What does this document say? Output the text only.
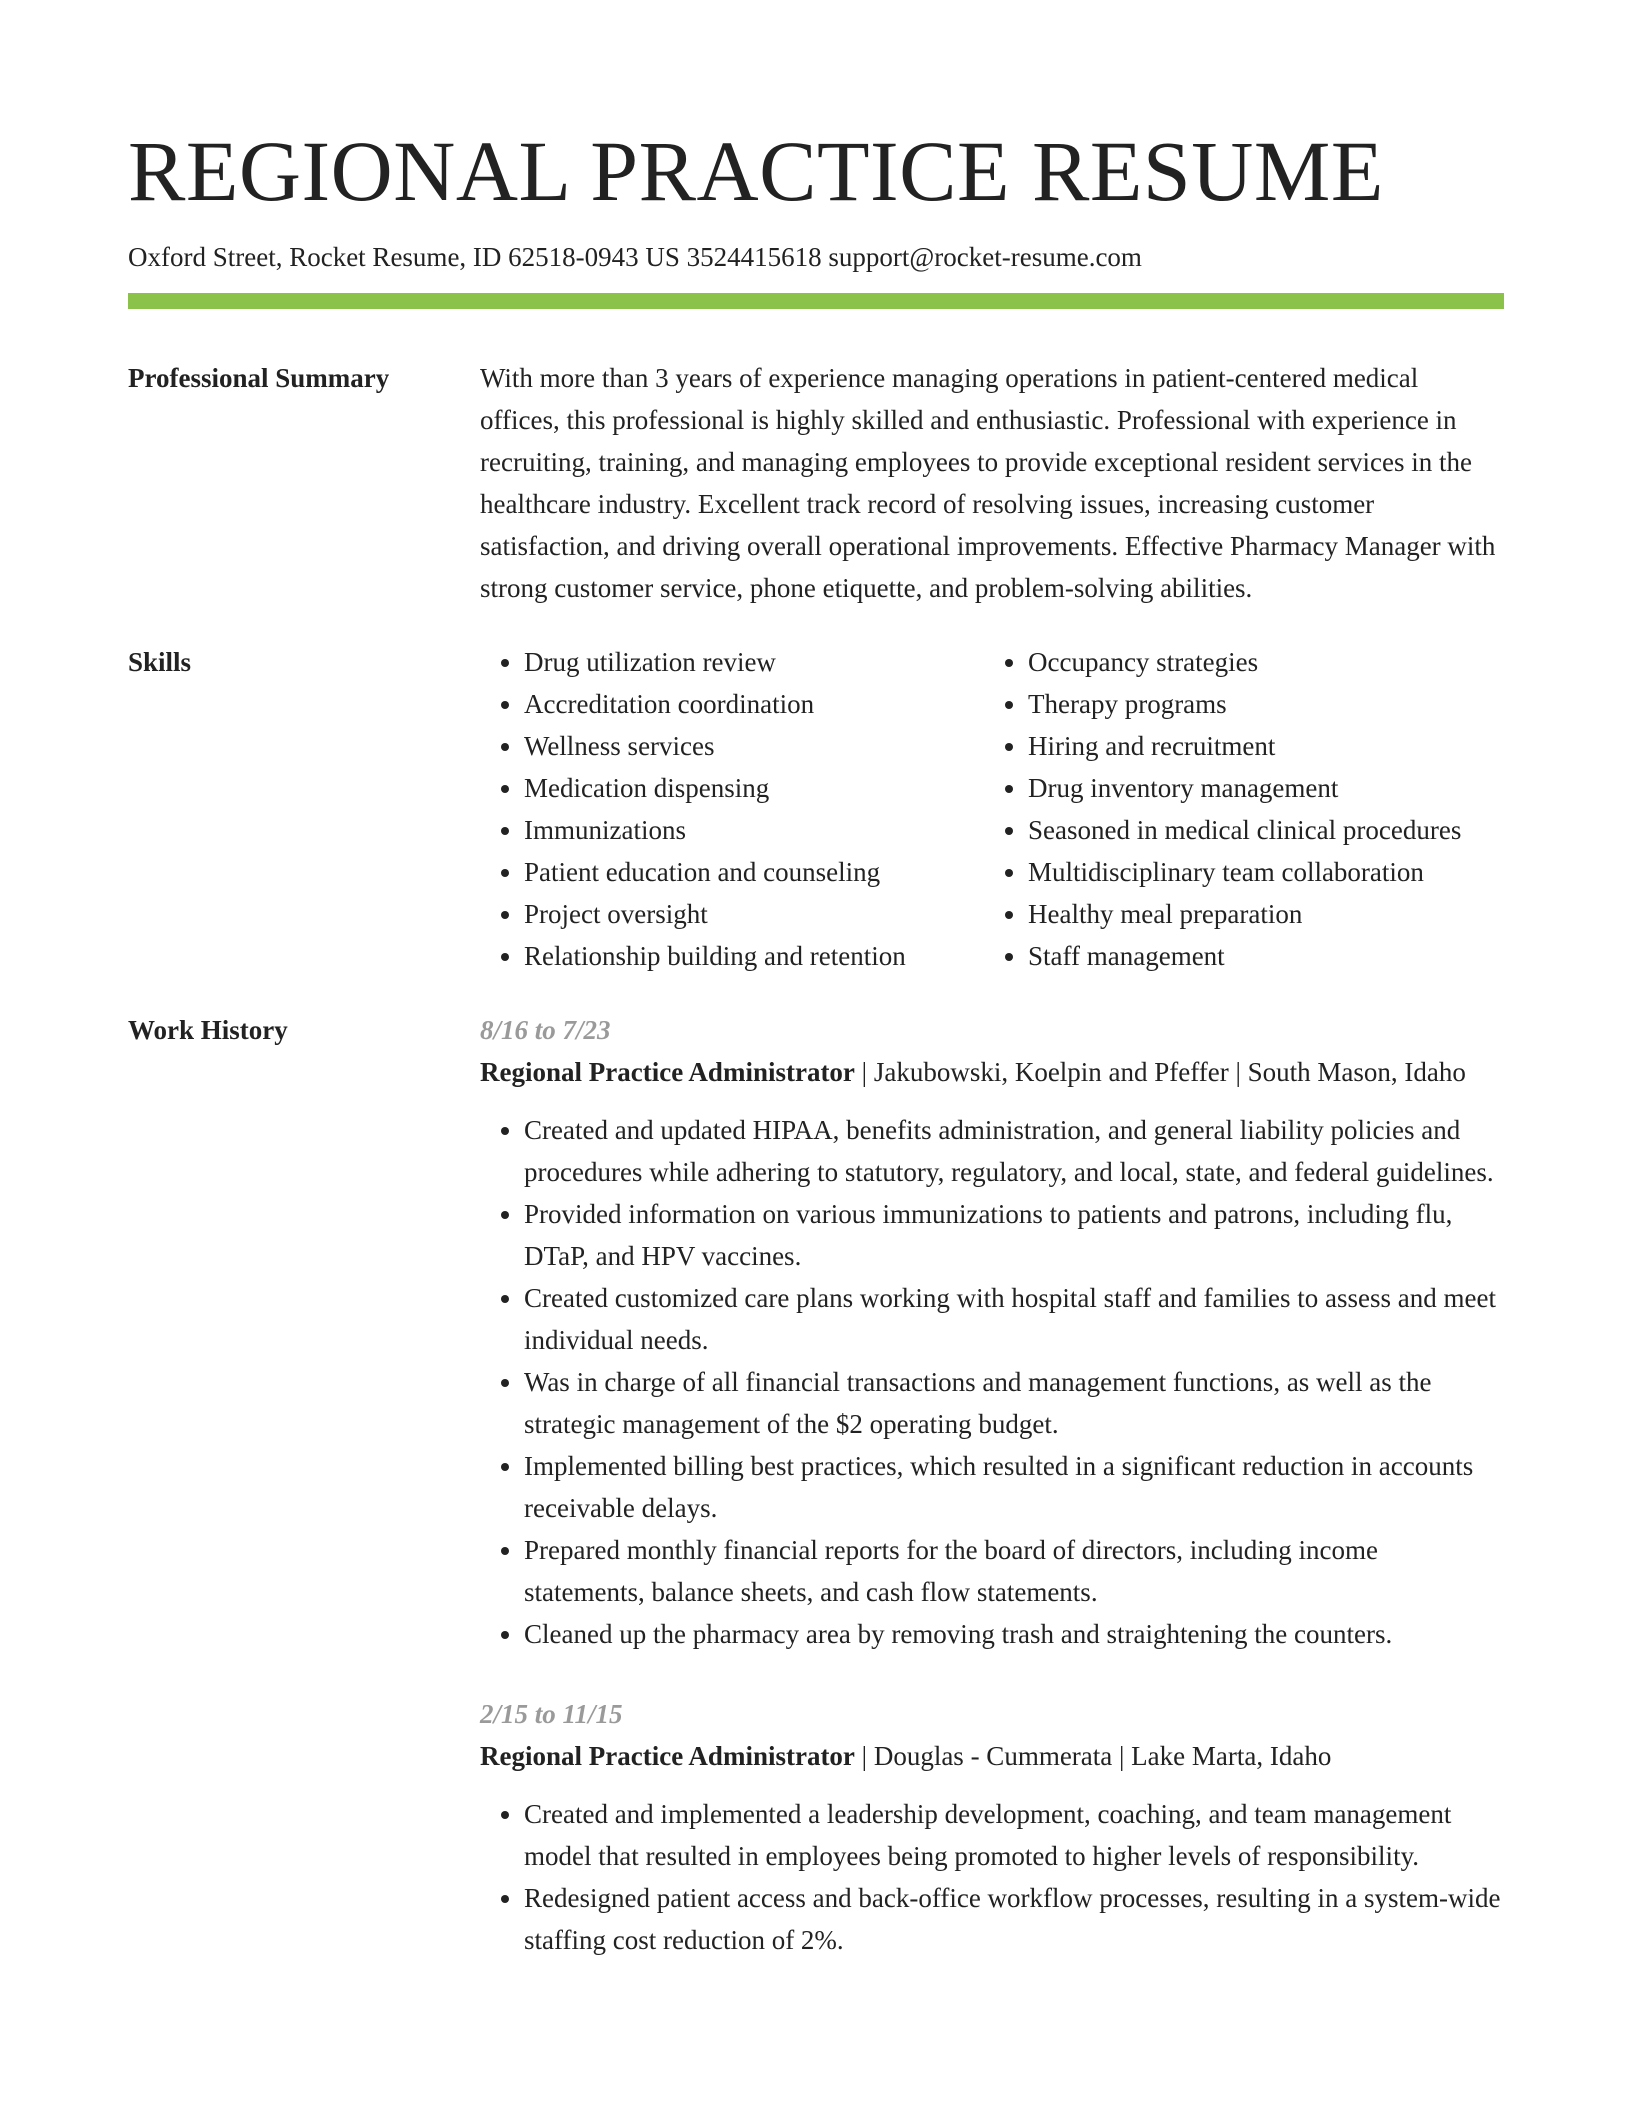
REGIONAL PRACTICE RESUME
Oxford Street, Rocket Resume, ID 62518-0943 US 3524415618 support@rocket-resume.com
Professional Summary	With more than 3 years of experience managing operations in patient-centered medical offices, this professional is highly skilled and enthusiastic. Professional with experience in recruiting, training, and managing employees to provide exceptional resident services in the healthcare industry. Excellent track record of resolving issues, increasing customer satisfaction, and driving overall operational improvements. Effective Pharmacy Manager with strong customer service, phone etiquette, and problem-solving abilities.

Skills
•	Drug utilization review
• Accreditation coordination
• Wellness services
• Medication dispensing
• Immunizations
• Patient education and counseling
• Project oversight
• Relationship building and retention
• Occupancy strategies
• Therapy programs
• Hiring and recruitment
• Drug inventory management
• Seasoned in medical clinical procedures
• Multidisciplinary team collaboration
• Healthy meal preparation
• Staff management
Work History	8/16 to 7/23
Regional Practice Administrator | Jakubowski, Koelpin and Pfeffer | South Mason, Idaho
• Created and updated HIPAA, benefits administration, and general liability policies and procedures while adhering to statutory, regulatory, and local, state, and federal guidelines.
• Provided information on various immunizations to patients and patrons, including flu, DTaP, and HPV vaccines.
• Created customized care plans working with hospital staff and families to assess and meet individual needs.
• Was in charge of all financial transactions and management functions, as well as the strategic management of the $2 operating budget.
• Implemented billing best practices, which resulted in a significant reduction in accounts receivable delays.
• Prepared monthly financial reports for the board of directors, including income statements, balance sheets, and cash flow statements.
• Cleaned up the pharmacy area by removing trash and straightening the counters.
2/15 to 11/15
Regional Practice Administrator | Douglas - Cummerata | Lake Marta, Idaho
• Created and implemented a leadership development, coaching, and team management model that resulted in employees being promoted to higher levels of responsibility.
• Redesigned patient access and back-office workflow processes, resulting in a system-wide staffing cost reduction of 2%.
